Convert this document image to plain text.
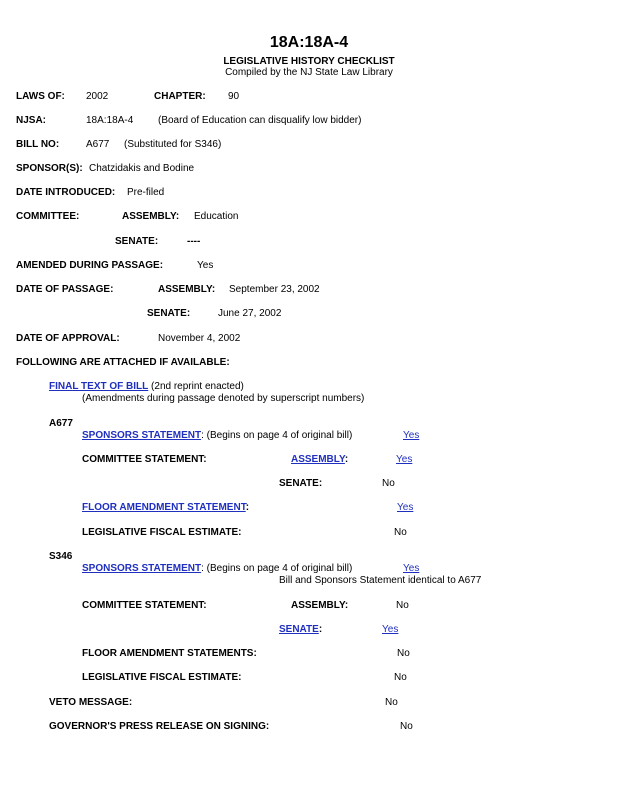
18A:18A-4
LEGISLATIVE HISTORY CHECKLIST
Compiled by the NJ State Law Library
LAWS OF: 2002	CHAPTER: 90
NJSA:	18A:18A-4 (Board of Education can disqualify low bidder)
BILL NO:	A677 (Substituted for S346)
SPONSOR(S): Chatzidakis and Bodine
DATE INTRODUCED: Pre-filed
COMMITTEE:	ASSEMBLY: Education
SENATE:	----
AMENDED DURING PASSAGE:	Yes
DATE OF PASSAGE:	ASSEMBLY: September 23, 2002
SENATE:	June 27, 2002
DATE OF APPROVAL:	November 4, 2002
FOLLOWING ARE ATTACHED IF AVAILABLE:
FINAL TEXT OF BILL (2nd reprint enacted)
(Amendments during passage denoted by superscript numbers)
A677
SPONSORS STATEMENT: (Begins on page 4 of original bill)	Yes
COMMITTEE STATEMENT:	ASSEMBLY:	Yes
SENATE:	No
FLOOR AMENDMENT STATEMENT:	Yes
LEGISLATIVE FISCAL ESTIMATE:	No
S346
SPONSORS STATEMENT: (Begins on page 4 of original bill)	Yes
Bill and Sponsors Statement identical to A677
COMMITTEE STATEMENT:	ASSEMBLY:	No
SENATE:	Yes
FLOOR AMENDMENT STATEMENTS:	No
LEGISLATIVE FISCAL ESTIMATE:	No
VETO MESSAGE:	No
GOVERNOR'S PRESS RELEASE ON SIGNING:	No
